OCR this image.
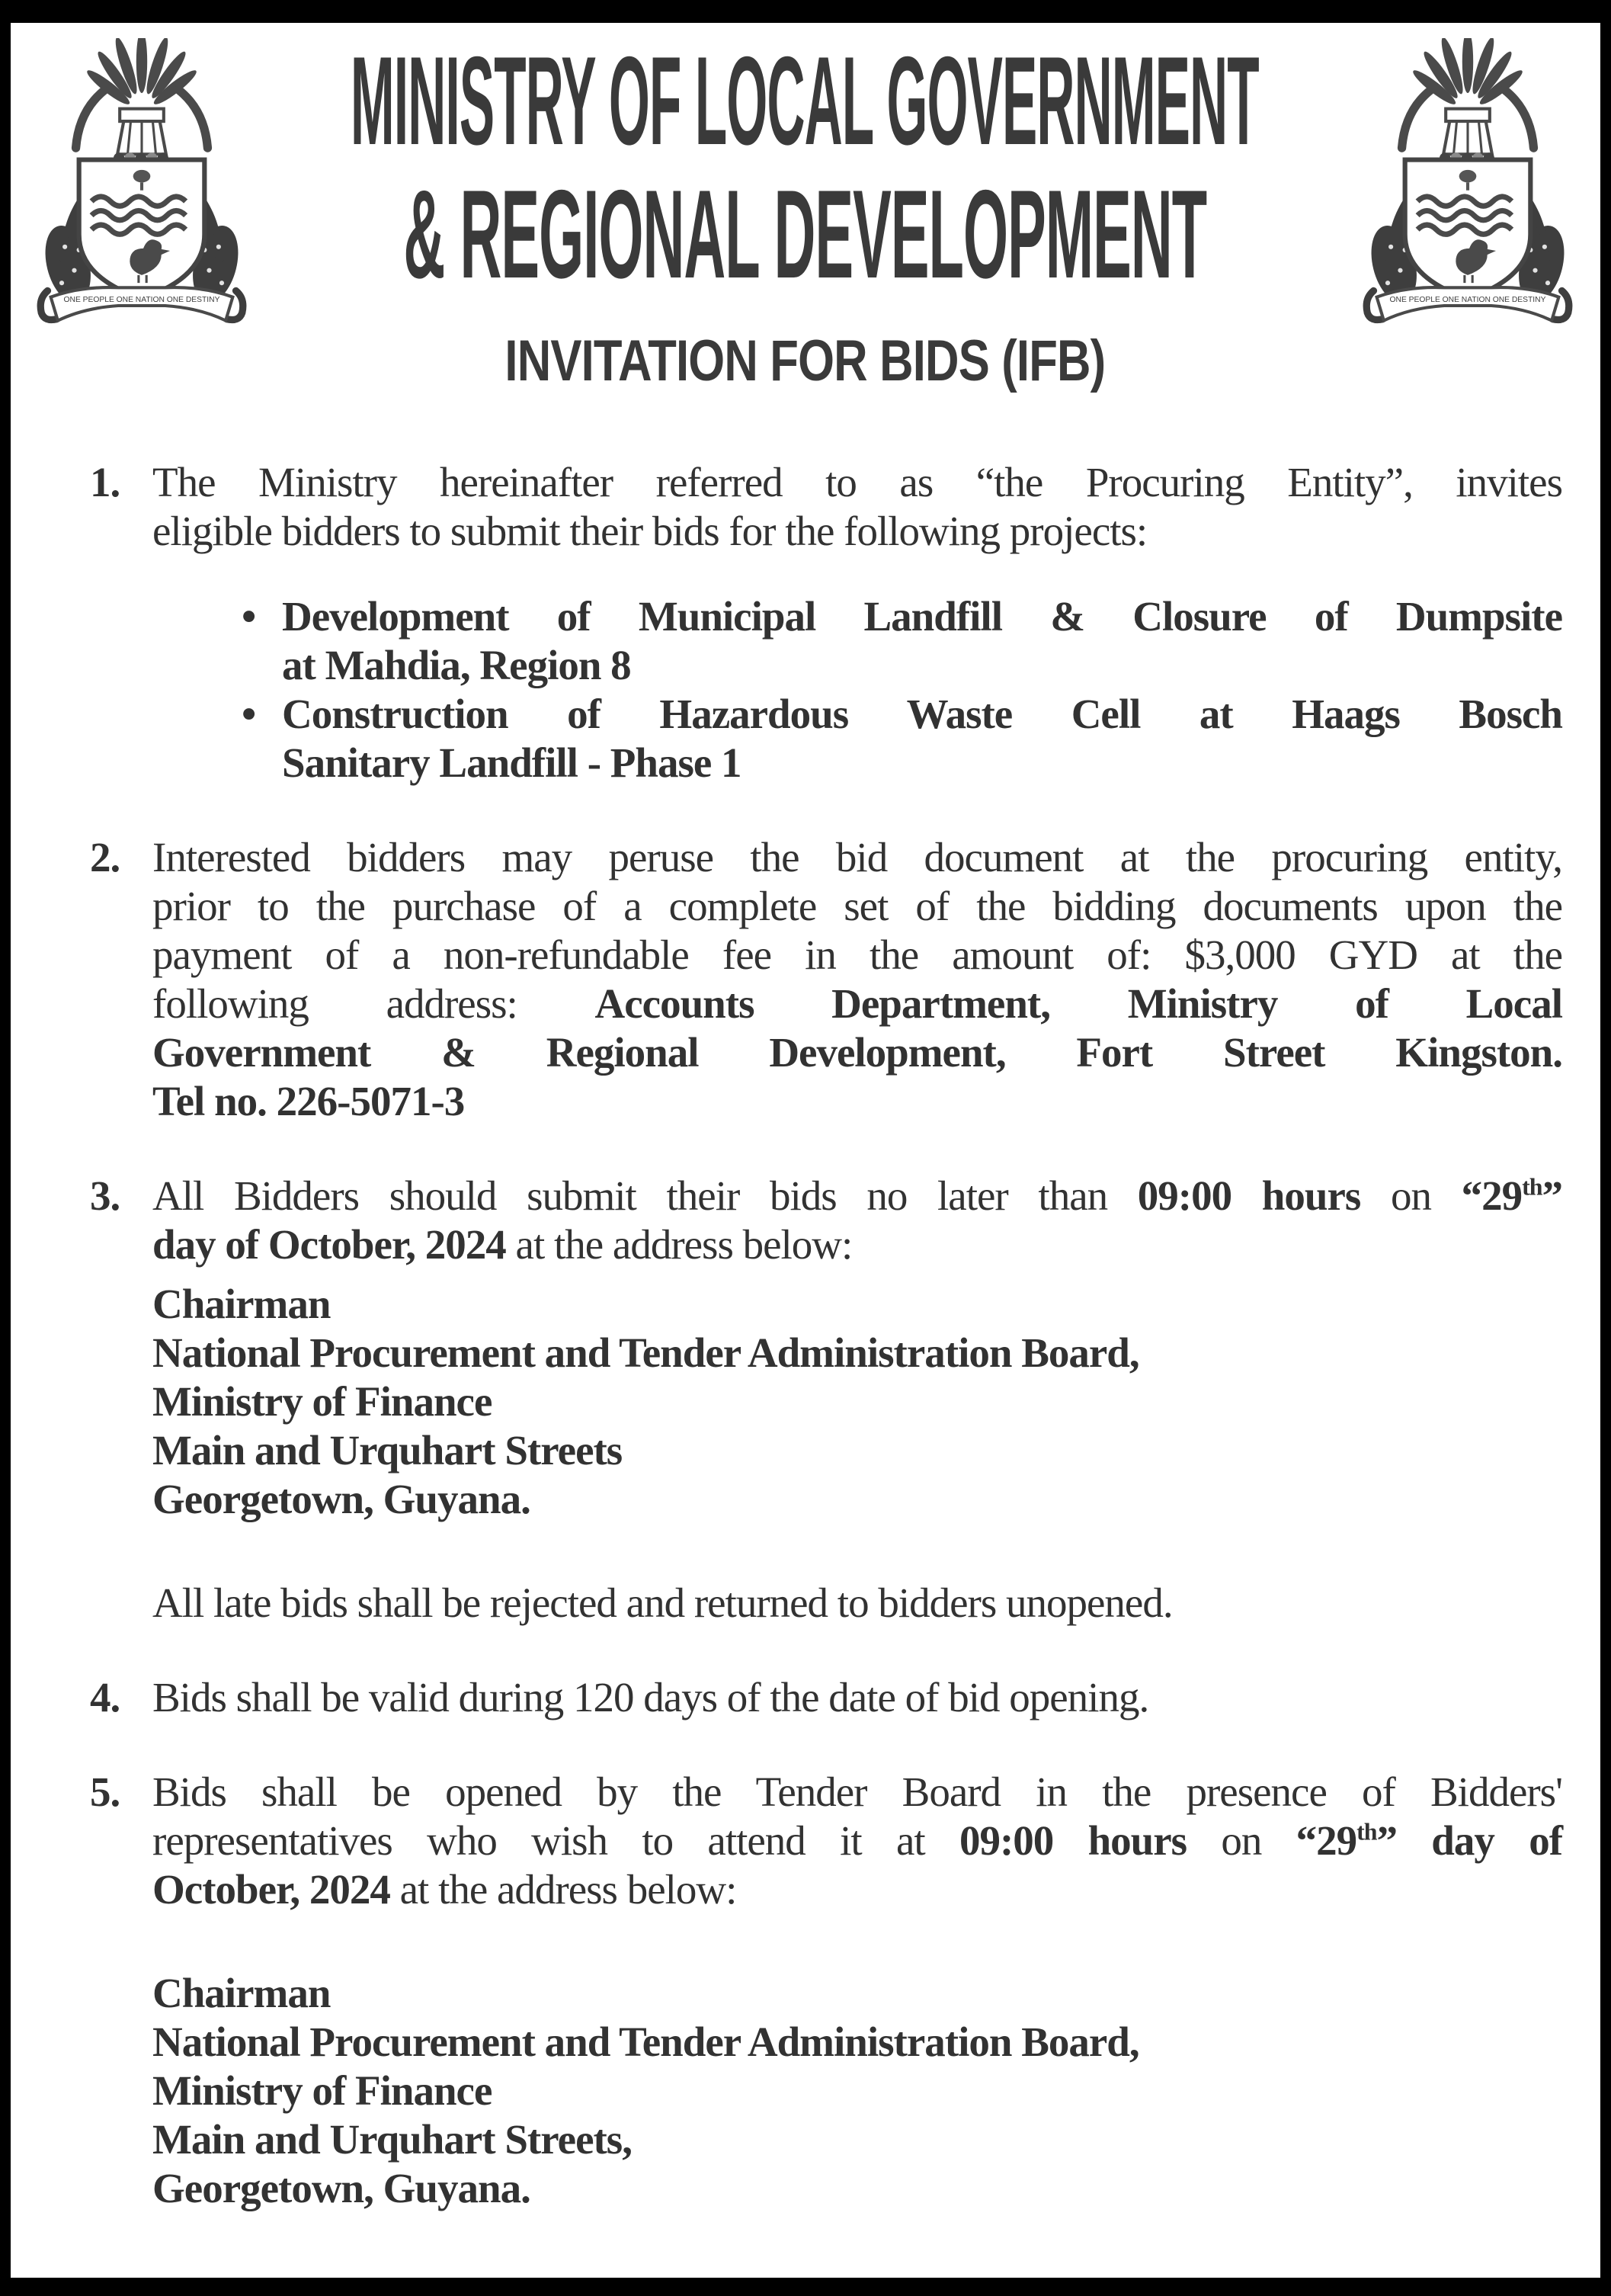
ONE PEOPLE ONE NATION ONE DESTINY
MINISTRY OF LOCAL GOVERNMENT
& REGIONAL DEVELOPMENT
INVITATION FOR BIDS (IFB)
ONE PEOPLE ONE NATION ONE DESTINY
1. The Ministry hereinafter referred to as “the Procuring Entity”, invites
eligible bidders to submit their bids for the following projects:
• Development of Municipal Landfill & Closure of Dumpsite
at Mahdia, Region 8
• Construction of Hazardous Waste Cell at Haags Bosch
Sanitary Landfill - Phase 1
2. Interested bidders may peruse the bid document at the procuring entity,
prior to the purchase of a complete set of the bidding documents upon the
payment of a non-refundable fee in the amount of: $3,000 GYD at the
following address: Accounts Department, Ministry of Local
Government & Regional Development, Fort Street Kingston.
Tel no. 226-5071-3
3. All Bidders should submit their bids no later than 09:00 hours on “29th”
day of October, 2024 at the address below:
Chairman
National Procurement and Tender Administration Board,
Ministry of Finance
Main and Urquhart Streets
Georgetown, Guyana.
All late bids shall be rejected and returned to bidders unopened.
4. Bids shall be valid during 120 days of the date of bid opening.
5. Bids shall be opened by the Tender Board in the presence of Bidders'
representatives who wish to attend it at 09:00 hours on “29th” day of
October, 2024 at the address below:
Chairman
National Procurement and Tender Administration Board,
Ministry of Finance
Main and Urquhart Streets,
Georgetown, Guyana.
